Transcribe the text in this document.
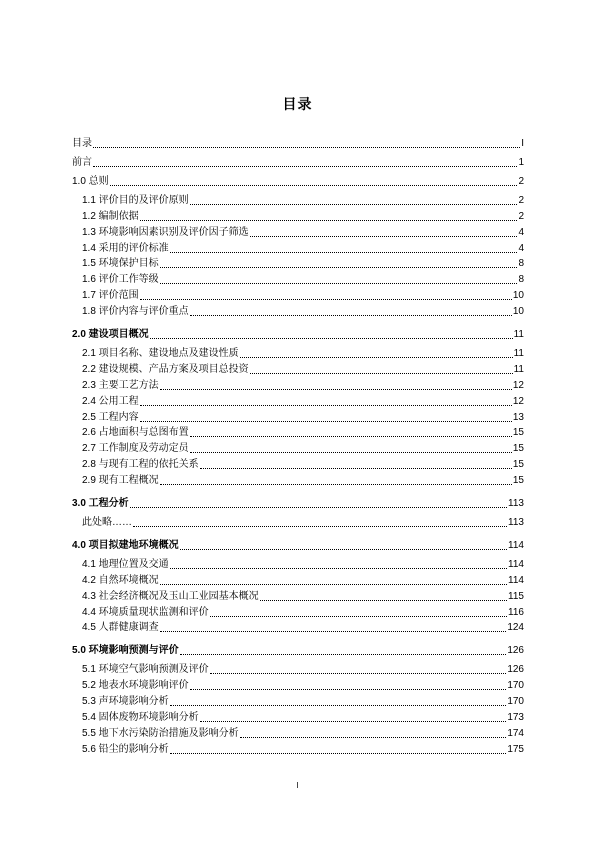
目录
目录	I
前言	1
1.0 总则	2
1.1 评价目的及评价原则	2
1.2 编制依据	2
1.3 环境影响因素识别及评价因子筛选	4
1.4 采用的评价标准	4
1.5 环境保护目标	8
1.6 评价工作等级	8
1.7 评价范围	10
1.8 评价内容与评价重点	10
2.0 建设项目概况	11
2.1 项目名称、建设地点及建设性质	11
2.2 建设规模、产品方案及项目总投资	11
2.3 主要工艺方法	12
2.4 公用工程	12
2.5 工程内容	13
2.6 占地面积与总图布置	15
2.7 工作制度及劳动定员	15
2.8 与现有工程的依托关系	15
2.9 现有工程概况	15
3.0 工程分析	113
此处略……	113
4.0 项目拟建地环境概况	114
4.1 地理位置及交通	114
4.2 自然环境概况	114
4.3 社会经济概况及玉山工业园基本概况	115
4.4 环境质量现状监测和评价	116
4.5 人群健康调查	124
5.0 环境影响预测与评价	126
5.1 环境空气影响预测及评价	126
5.2 地表水环境影响评价	170
5.3 声环境影响分析	170
5.4 固体废物环境影响分析	173
5.5 地下水污染防治措施及影响分析	174
5.6 铅尘的影响分析	175
I
